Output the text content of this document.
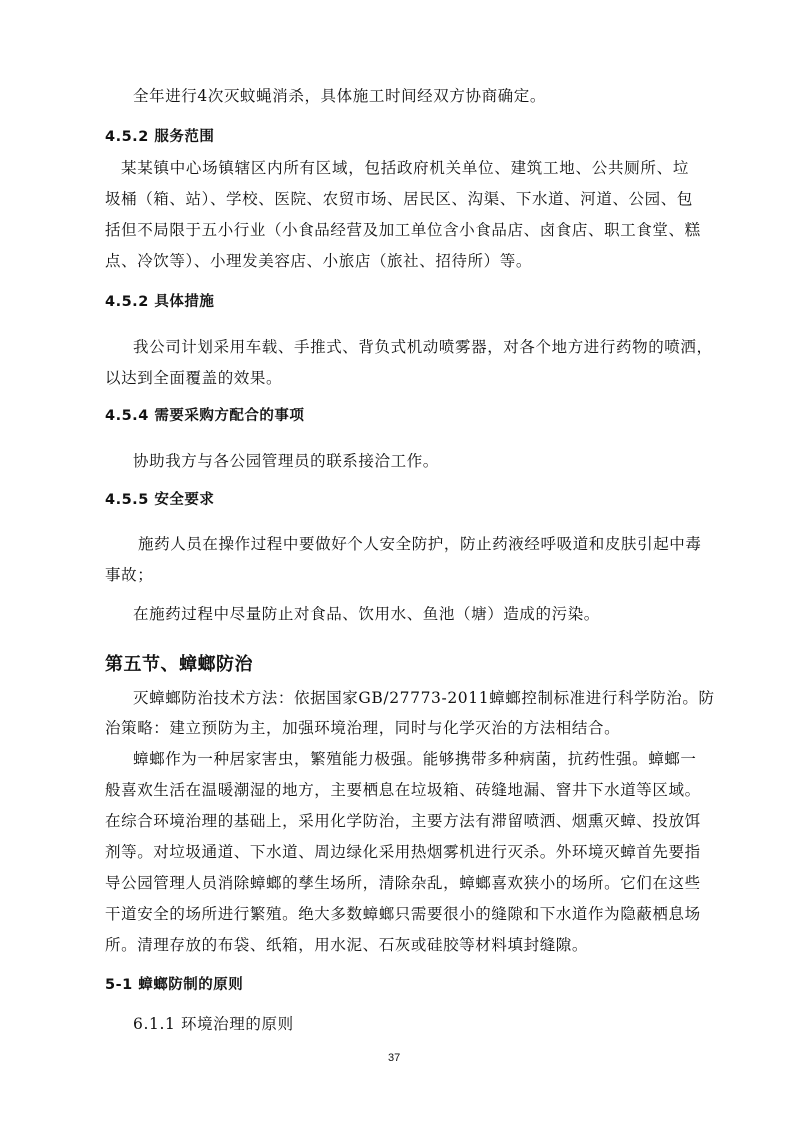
全年进行4次灭蚊蝇消杀，具体施工时间经双方协商确定。
4.5.2 服务范围
某某镇中心场镇辖区内所有区域，包括政府机关单位、建筑工地、公共厕所、垃
圾桶（箱、站）、学校、医院、农贸市场、居民区、沟渠、下水道、河道、公园、包
括但不局限于五小行业（小食品经营及加工单位含小食品店、卤食店、职工食堂、糕
点、冷饮等）、小理发美容店、小旅店（旅社、招待所）等。
4.5.2 具体措施
我公司计划采用车载、手推式、背负式机动喷雾器，对各个地方进行药物的喷洒，
以达到全面覆盖的效果。
4.5.4 需要采购方配合的事项
协助我方与各公园管理员的联系接洽工作。
4.5.5 安全要求
施药人员在操作过程中要做好个人安全防护，防止药液经呼吸道和皮肤引起中毒
事故；
在施药过程中尽量防止对食品、饮用水、鱼池（塘）造成的污染。
第五节、蟑螂防治
灭蟑螂防治技术方法：依据国家GB/27773-2011蟑螂控制标准进行科学防治。防
治策略：建立预防为主，加强环境治理，同时与化学灭治的方法相结合。
蟑螂作为一种居家害虫，繁殖能力极强。能够携带多种病菌，抗药性强。蟑螂一
般喜欢生活在温暖潮湿的地方，主要栖息在垃圾箱、砖缝地漏、窨井下水道等区域。
在综合环境治理的基础上，采用化学防治，主要方法有滞留喷洒、烟熏灭蟑、投放饵
剂等。对垃圾通道、下水道、周边绿化采用热烟雾机进行灭杀。外环境灭蟑首先要指
导公园管理人员消除蟑螂的孳生场所，清除杂乱，蟑螂喜欢狭小的场所。它们在这些
干道安全的场所进行繁殖。绝大多数蟑螂只需要很小的缝隙和下水道作为隐蔽栖息场
所。清理存放的布袋、纸箱，用水泥、石灰或硅胶等材料填封缝隙。
5-1 蟑螂防制的原则
6.1.1 环境治理的原则
37
